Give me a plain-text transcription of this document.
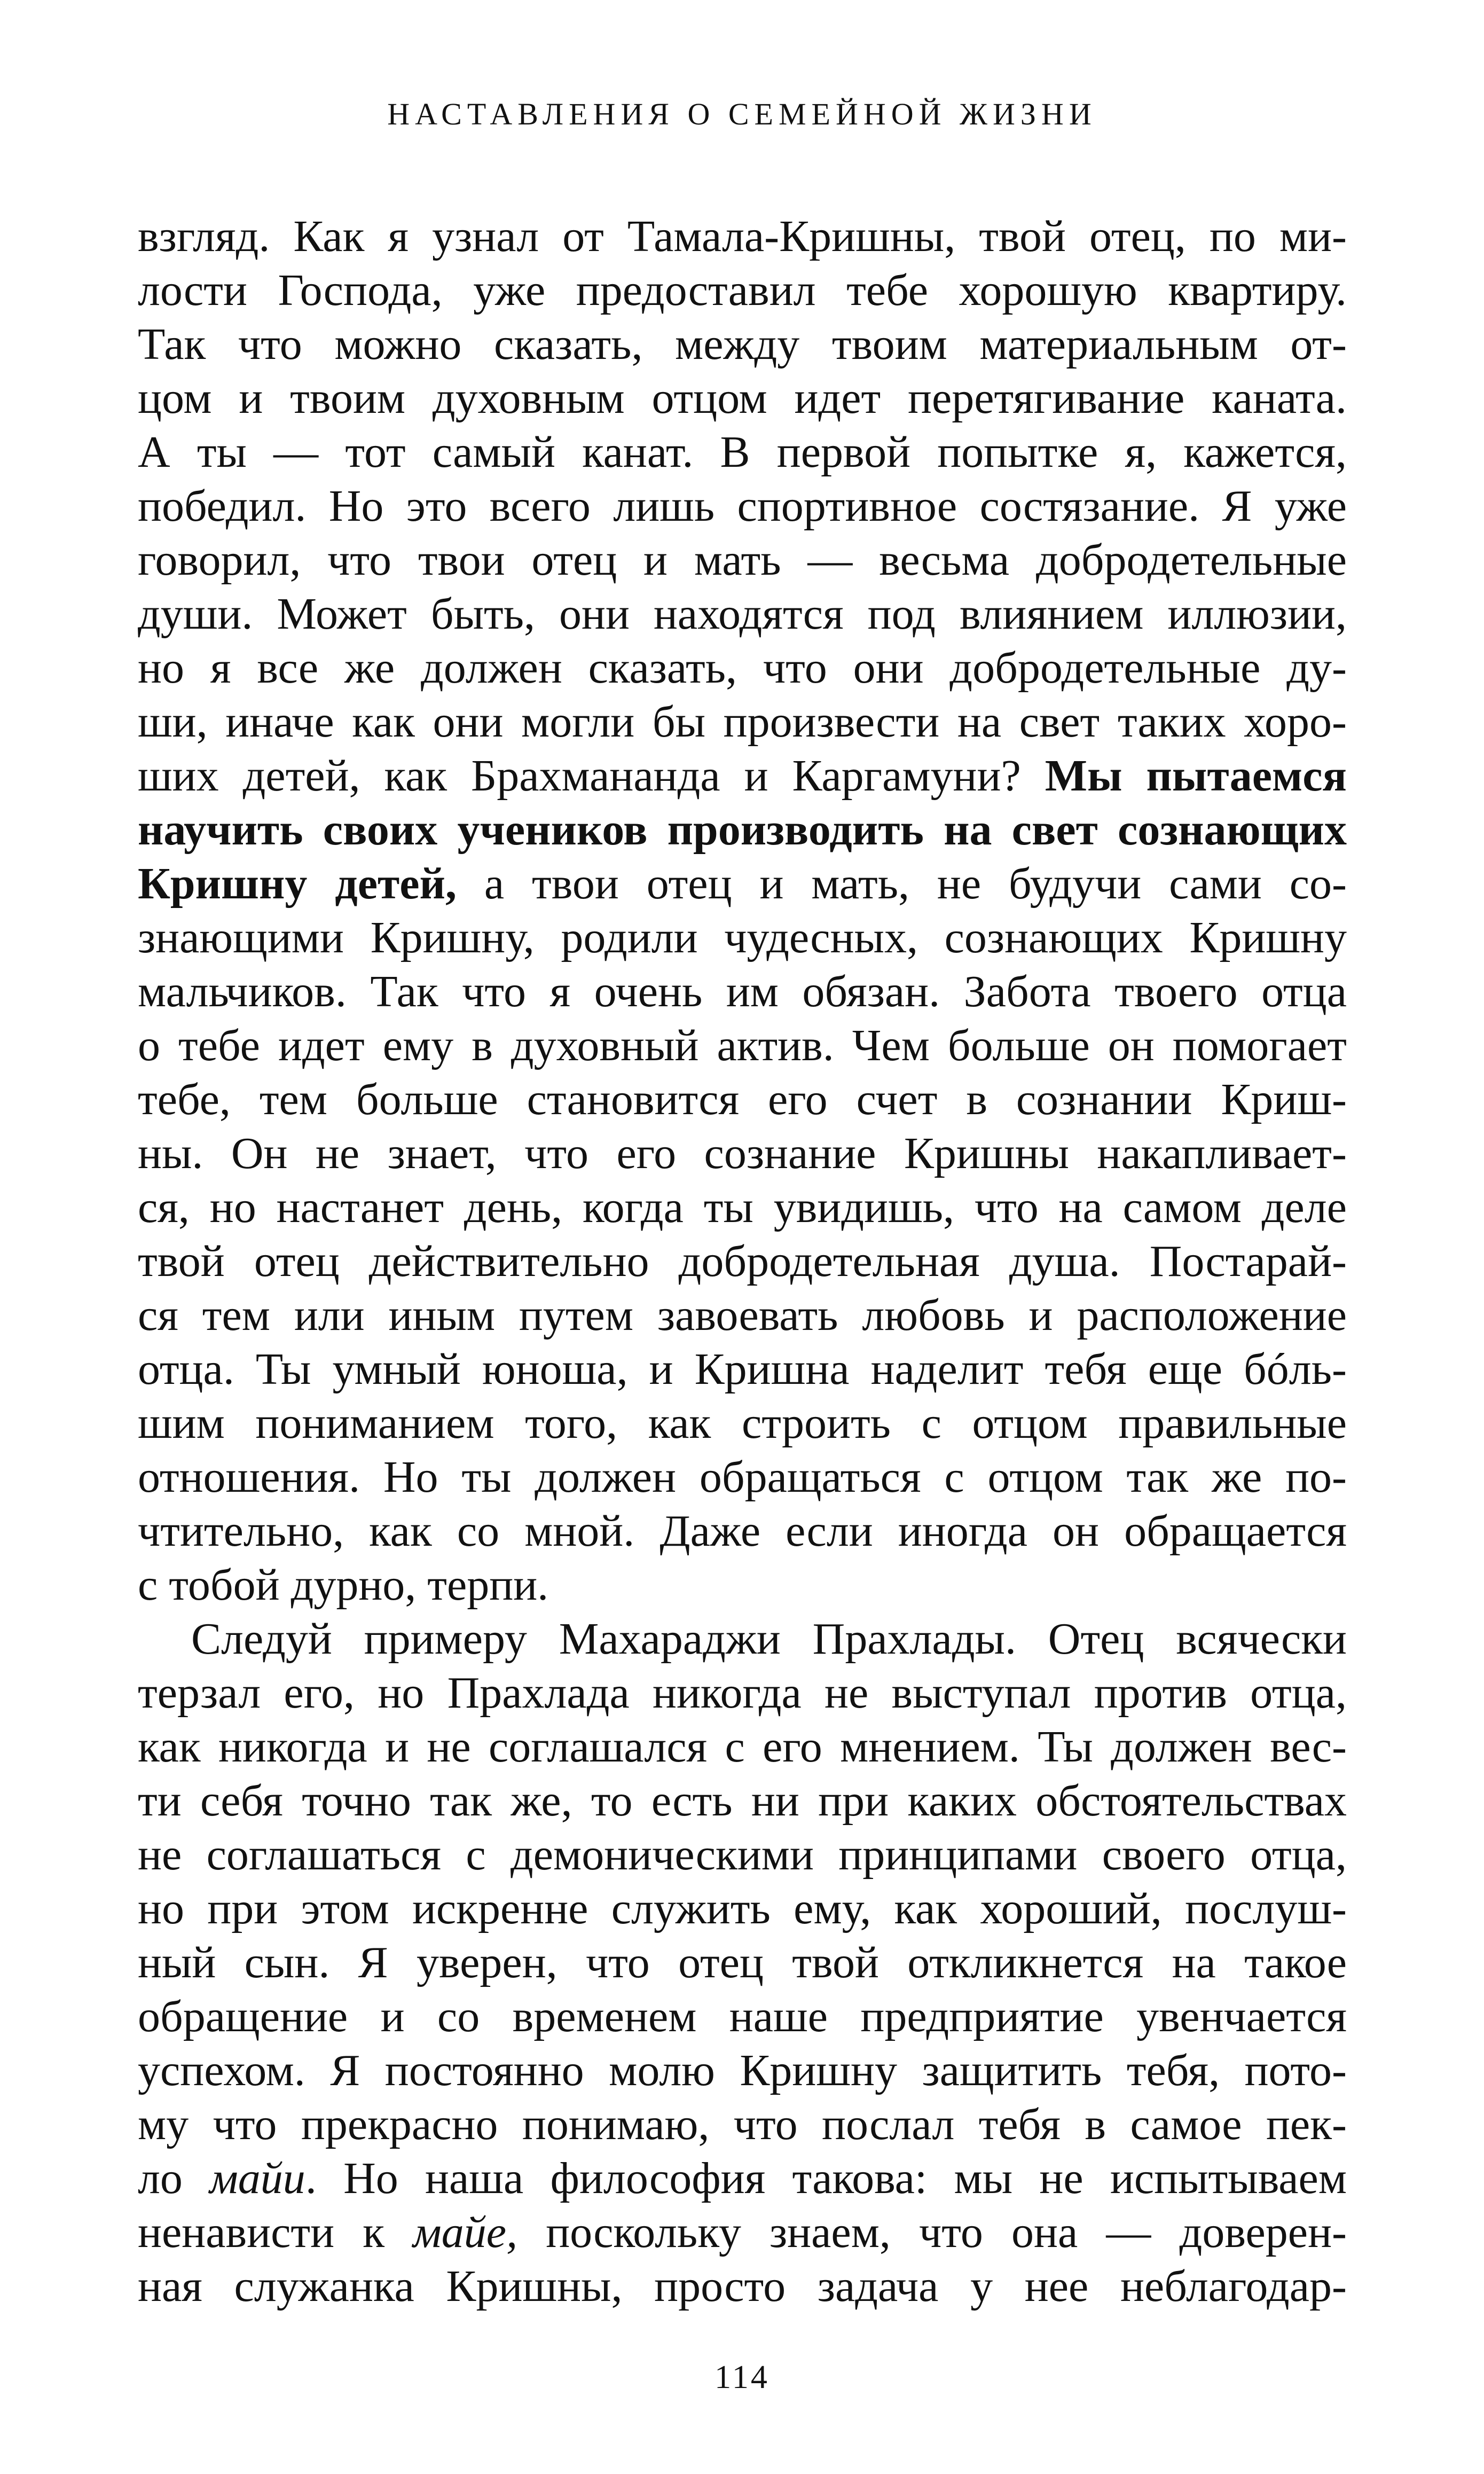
НАСТАВЛЕНИЯ О СЕМЕЙНОЙ ЖИЗНИ
взгляд. Как я узнал от Тамала-Кришны, твой отец, по ми-
лости Господа, уже предоставил тебе хорошую квартиру.
Так что можно сказать, между твоим материальным от-
цом и твоим духовным отцом идет перетягивание каната.
А ты — тот самый канат. В первой попытке я, кажется,
победил. Но это всего лишь спортивное состязание. Я уже
говорил, что твои отец и мать — весьма добродетельные
души. Может быть, они находятся под влиянием иллюзии,
но я все же должен сказать, что они добродетельные ду-
ши, иначе как они могли бы произвести на свет таких хоро-
ших детей, как Брахмананда и Каргамуни? Мы пытаемся
научить своих учеников производить на свет сознающих
Кришну детей, а твои отец и мать, не будучи сами со-
знающими Кришну, родили чудесных, сознающих Кришну
мальчиков. Так что я очень им обязан. Забота твоего отца
о тебе идет ему в духовный актив. Чем больше он помогает
тебе, тем больше становится его счет в сознании Криш-
ны. Он не знает, что его сознание Кришны накапливает-
ся, но настанет день, когда ты увидишь, что на самом деле
твой отец действительно добродетельная душа. Постарай-
ся тем или иным путем завоевать любовь и расположение
отца. Ты умный юноша, и Кришна наделит тебя еще бóль-
шим пониманием того, как строить с отцом правильные
отношения. Но ты должен обращаться с отцом так же по-
чтительно, как со мной. Даже если иногда он обращается
с тобой дурно, терпи.
Следуй примеру Махараджи Прахлады. Отец всячески
терзал его, но Прахлада никогда не выступал против отца,
как никогда и не соглашался с его мнением. Ты должен вес-
ти себя точно так же, то есть ни при каких обстоятельствах
не соглашаться с демоническими принципами своего отца,
но при этом искренне служить ему, как хороший, послуш-
ный сын. Я уверен, что отец твой откликнется на такое
обращение и со временем наше предприятие увенчается
успехом. Я постоянно молю Кришну защитить тебя, пото-
му что прекрасно понимаю, что послал тебя в самое пек-
ло майи. Но наша философия такова: мы не испытываем
ненависти к майе, поскольку знаем, что она — доверен-
ная служанка Кришны, просто задача у нее неблагодар-
114
